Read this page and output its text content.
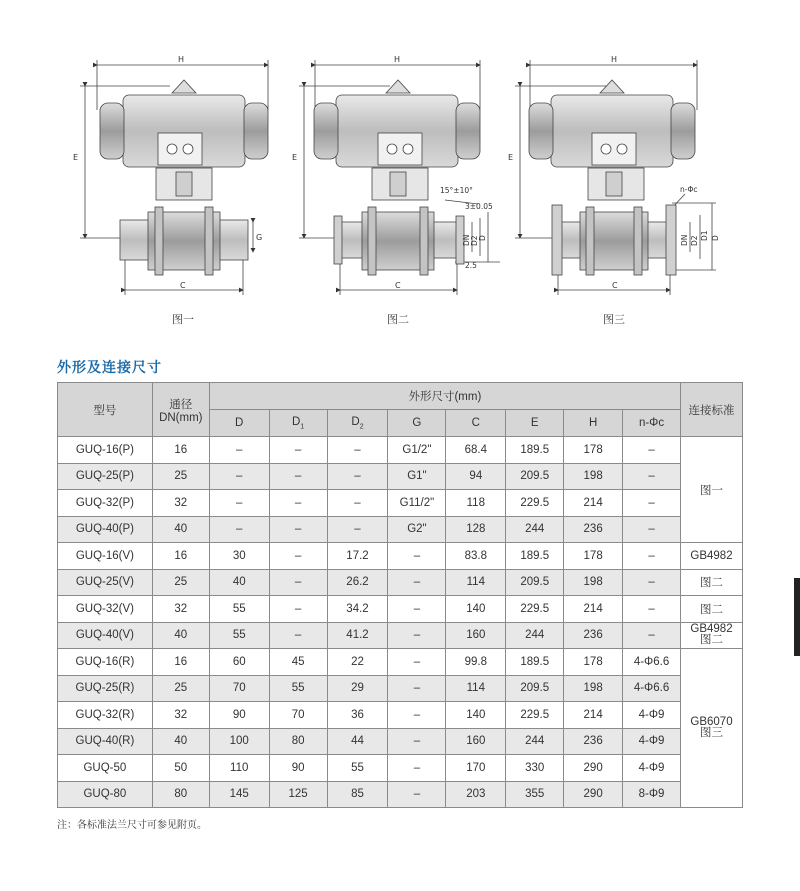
H
E
C
G
H
E
C
15°±10°
3±0.05
2.5
DN D2 D
H
E
C
n-Φc
DN D2 D1 D
图一	图二	图三
外形及连接尺寸
型号	通径
DN(mm)	外形尺寸(mm)								连接标准
		D	$D_1$	$D_2$	G	C	E	H	n-Φc	
GUQ-16(P)	16	–	–	–	G1/2"	68.4	189.5	178	–	图一
GUQ-25(P)	25	–	–	–	G1"	94	209.5	198	–	
GUQ-32(P)	32	–	–	–	G11/2"	118	229.5	214	–	
GUQ-40(P)	40	–	–	–	G2"	128	244	236	–	
GUQ-16(V)	16	30	–	17.2	–	83.8	189.5	178	–	GB4982
GUQ-25(V)	25	40	–	26.2	–	114	209.5	198	–	图二
GUQ-32(V)	32	55	–	34.2	–	140	229.5	214	–	图二
GUQ-40(V)	40	55	–	41.2	–	160	244	236	–	GB4982
图二
GUQ-16(R)	16	60	45	22	–	99.8	189.5	178	4-Φ6.6	GB6070
图三
GUQ-25(R)	25	70	55	29	–	114	209.5	198	4-Φ6.6	
GUQ-32(R)	32	90	70	36	–	140	229.5	214	4-Φ9	
GUQ-40(R)	40	100	80	44	–	160	244	236	4-Φ9	
GUQ-50	50	110	90	55	–	170	330	290	4-Φ9	
GUQ-80	80	145	125	85	–	203	355	290	8-Φ9	
注：各标准法兰尺寸可参见附页。
